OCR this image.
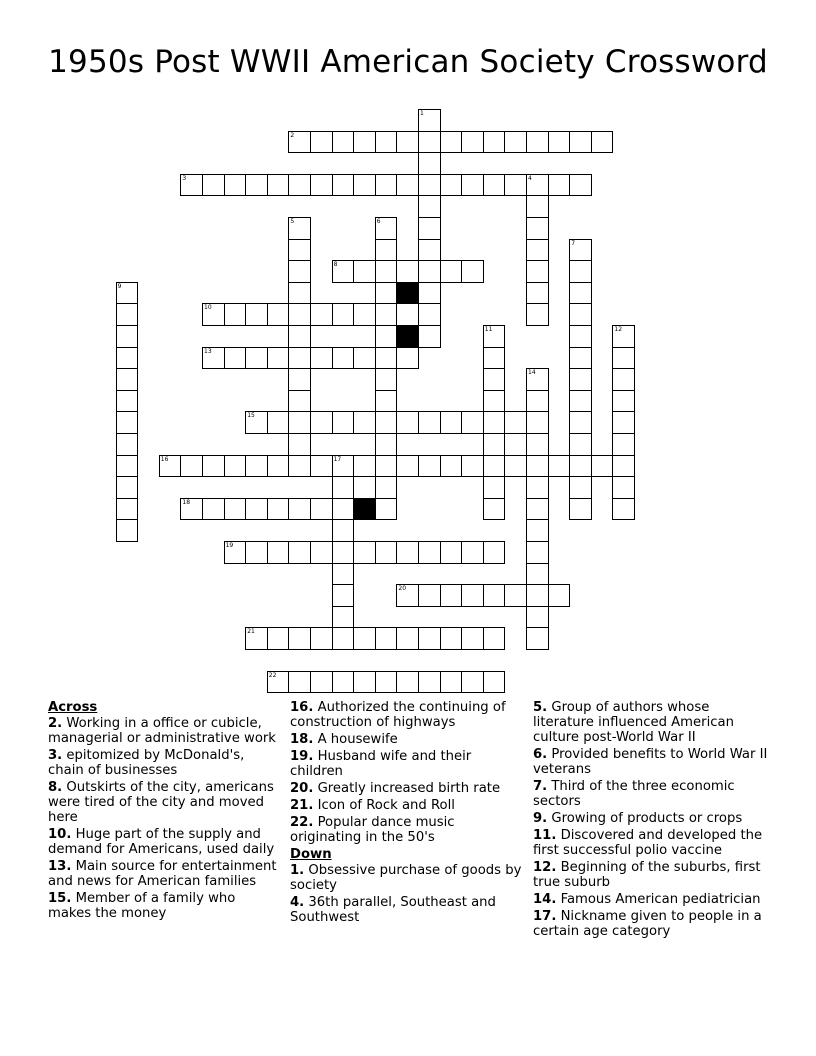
1950s Post WWII American Society Crossword
1
2
3	4
5	6
7
8
9
10
11	12
13
14
15
16	17
18
19
20
21
22
Across
2. Working in a office or cubicle, managerial or administrative work
3. epitomized by McDonald's, chain of businesses
8. Outskirts of the city, americans were tired of the city and moved here
10. Huge part of the supply and demand for Americans, used daily
13. Main source for entertainment and news for American families
15. Member of a family who makes the money
16. Authorized the continuing of construction of highways
18. A housewife
19. Husband wife and their children
20. Greatly increased birth rate
21. Icon of Rock and Roll
22. Popular dance music originating in the 50's
Down
1. Obsessive purchase of goods by society
4. 36th parallel, Southeast and Southwest
5. Group of authors whose literature influenced American culture post-World War II
6. Provided benefits to World War II veterans
7. Third of the three economic sectors
9. Growing of products or crops
11. Discovered and developed the first successful polio vaccine
12. Beginning of the suburbs, first true suburb
14. Famous American pediatrician
17. Nickname given to people in a certain age category
